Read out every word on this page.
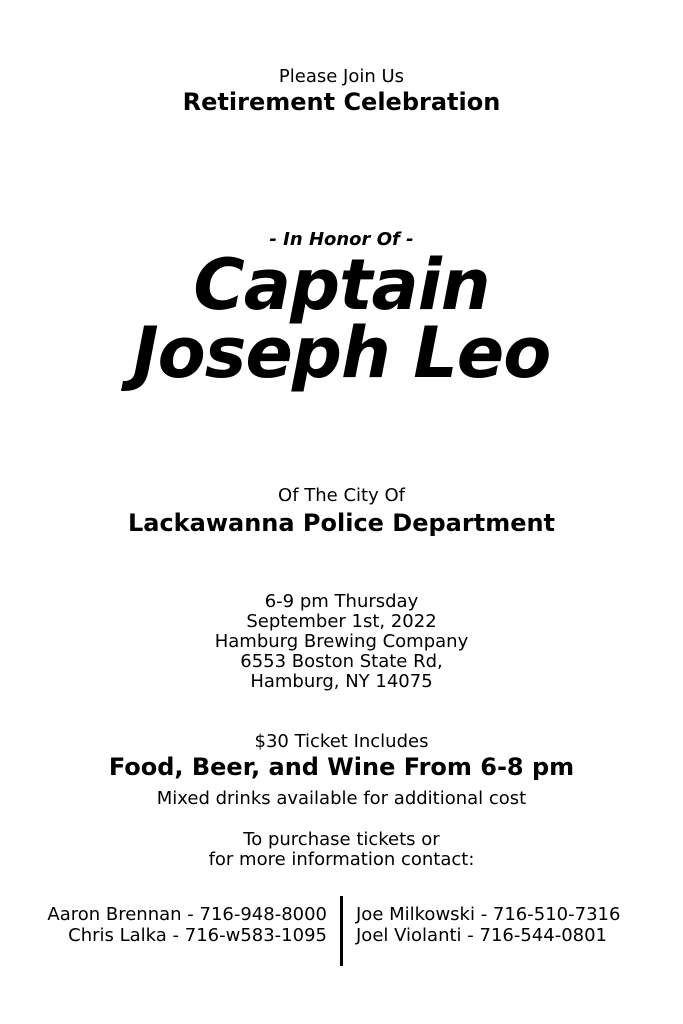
Please Join Us
Retirement Celebration
- In Honor Of -
Captain
Joseph Leo
Of The City Of
Lackawanna Police Department
6-9 pm Thursday
September 1st, 2022
Hamburg Brewing Company
6553 Boston State Rd,
Hamburg, NY 14075
$30 Ticket Includes
Food, Beer, and Wine From 6-8 pm
Mixed drinks available for additional cost
To purchase tickets or
for more information contact:
Aaron Brennan - 716-948-8000
Chris Lalka - 716-w583-1095
Joe Milkowski - 716-510-7316
Joel Violanti - 716-544-0801
